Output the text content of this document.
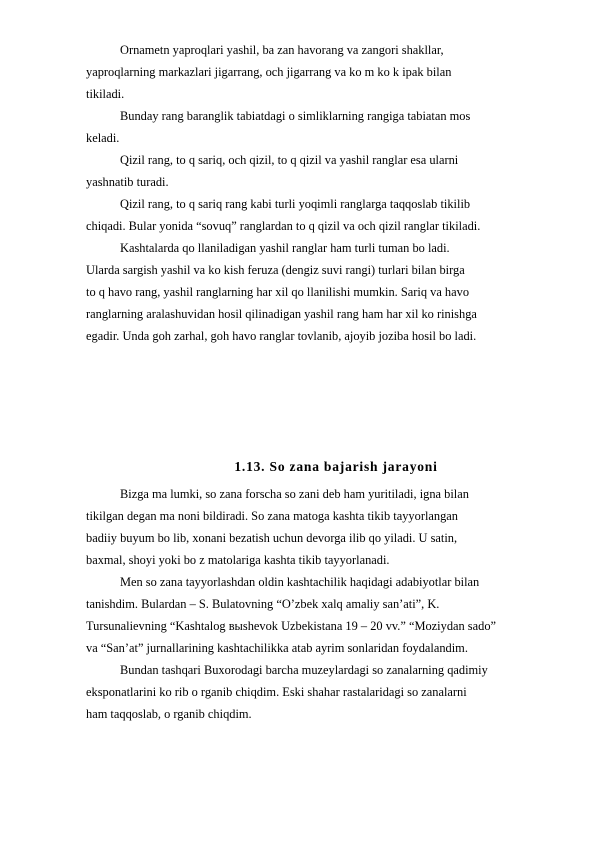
Ornametn yaproqlari yashil, ba zan havorang va zangori shakllar,
yaproqlarning markazlari jigarrang, och jigarrang va ko m ko k ipak bilan
tikiladi.
Bunday rang baranglik tabiatdagi o simliklarning rangiga tabiatan mos
keladi.
Qizil rang, to q sariq, och qizil, to q qizil va yashil ranglar esa ularni
yashnatib turadi.
Qizil rang, to q sariq rang kabi turli yoqimli ranglarga taqqoslab tikilib
chiqadi. Bular yonida “sovuq” ranglardan to q qizil va och qizil ranglar tikiladi.
Kashtalarda qo llaniladigan yashil ranglar ham turli tuman bo ladi.
Ularda sargish yashil va ko kish feruza (dengiz suvi rangi) turlari bilan birga
to q havo rang, yashil ranglarning har xil qo llanilishi mumkin. Sariq va havo
ranglarning aralashuvidan hosil qilinadigan yashil rang ham har xil ko rinishga
egadir. Unda goh zarhal, goh havo ranglar tovlanib, ajoyib joziba hosil bo ladi.
1.13. So zana bajarish jarayoni
Bizga ma lumki, so zana forscha so zani deb ham yuritiladi, igna bilan
tikilgan degan ma noni bildiradi. So zana matoga kashta tikib tayyorlangan
badiiy buyum bo lib, xonani bezatish uchun devorga ilib qo yiladi. U satin,
baxmal, shoyi yoki bo z matolariga kashta tikib tayyorlanadi.
Men so zana tayyorlashdan oldin kashtachilik haqidagi adabiyotlar bilan
tanishdim. Bulardan – S. Bulatovning “O’zbek xalq amaliy san’ati”, K.
Tursunalievning “Kashtalog выshevok Uzbekistana 19 – 20 vv.” “Moziydan sado”
va “San’at” jurnallarining kashtachilikka atab ayrim sonlaridan foydalandim.
Bundan tashqari Buxorodagi barcha muzeylardagi so zanalarning qadimiy
eksponatlarini ko rib o rganib chiqdim. Eski shahar rastalaridagi so zanalarni
ham taqqoslab, o rganib chiqdim.
